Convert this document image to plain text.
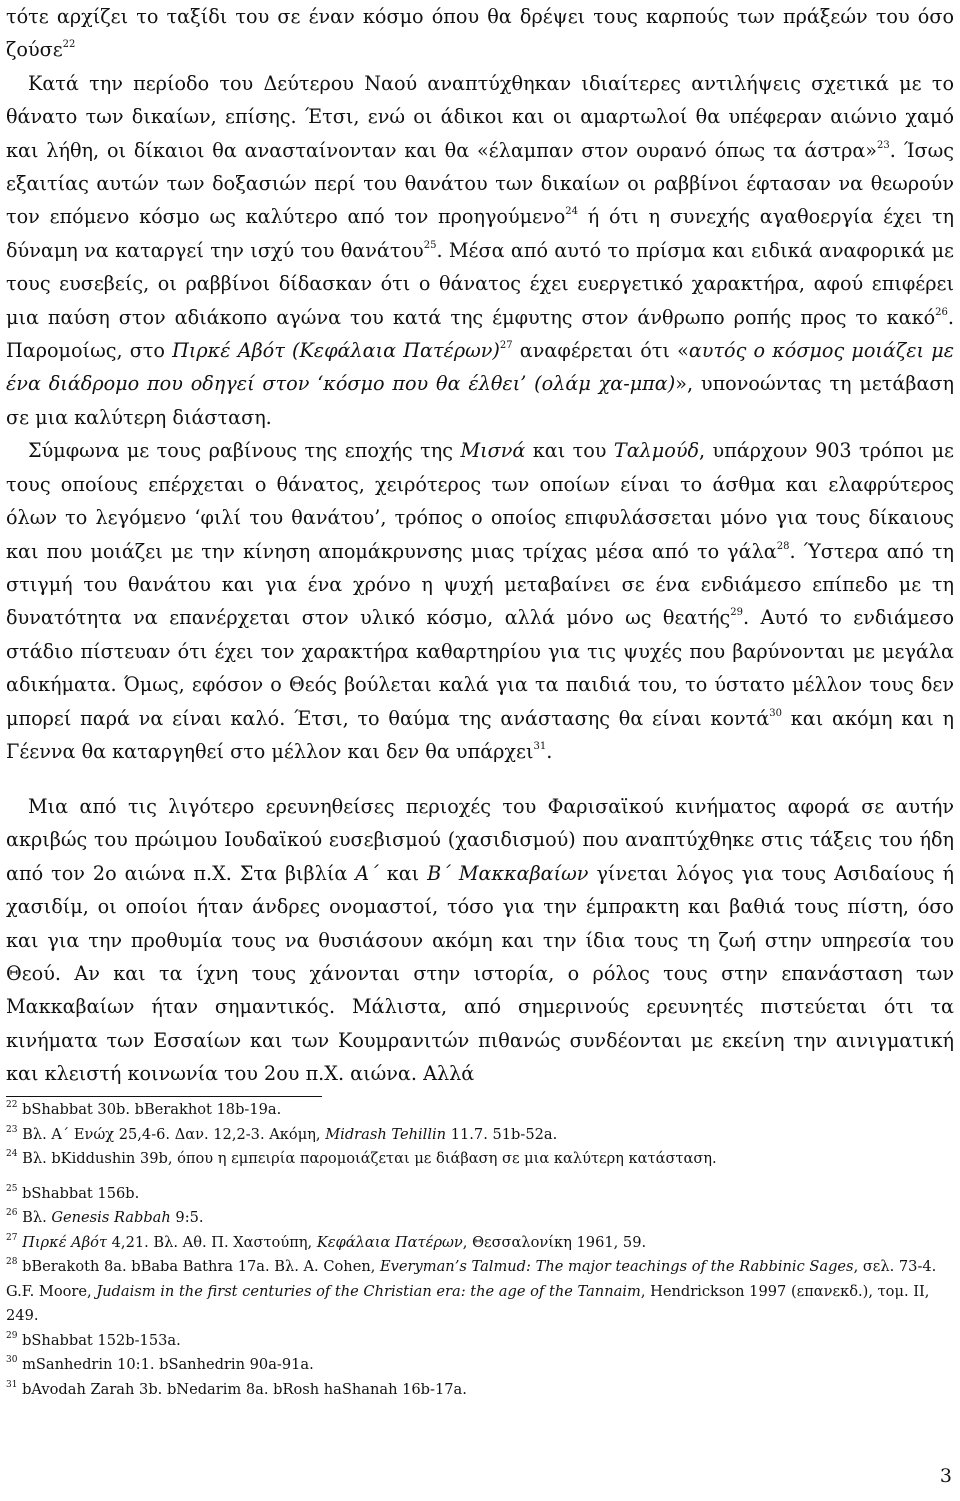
τότε αρχίζει το ταξίδι του σε έναν κόσμο όπου θα δρέψει τους καρπούς των πράξεών του όσο ζούσε$^{22}$

Κατά την περίοδο του Δεύτερου Ναού αναπτύχθηκαν ιδιαίτερες αντιλήψεις σχετικά με το θάνατο των δικαίων, επίσης. Έτσι, ενώ οι άδικοι και οι αμαρτωλοί θα υπέφεραν αιώνιο χαμό και λήθη, οι δίκαιοι θα ανασταίνονταν και θα «έλαμπαν στον ουρανό όπως τα άστρα»$^{23}$. Ίσως εξαιτίας αυτών των δοξασιών περί του θανάτου των δικαίων οι ραββίνοι έφτασαν να θεωρούν τον επόμενο κόσμο ως καλύτερο από τον προηγούμενο$^{24}$ ή ότι η συνεχής αγαθοεργία έχει τη δύναμη να καταργεί την ισχύ του θανάτου$^{25}$. Μέσα από αυτό το πρίσμα και ειδικά αναφορικά με τους ευσεβείς, οι ραββίνοι δίδασκαν ότι ο θάνατος έχει ευεργετικό χαρακτήρα, αφού επιφέρει μια παύση στον αδιάκοπο αγώνα του κατά της έμφυτης στον άνθρωπο ροπής προς το κακό$^{26}$. Παρομοίως, στο Πιρκέ Αβότ (Κεφάλαια Πατέρων)$^{27}$ αναφέρεται ότι «αυτός ο κόσμος μοιάζει με ένα διάδρομο που οδηγεί στον ‘κόσμο που θα έλθει’ (ολάμ χα-μπα)», υπονοώντας τη μετάβαση σε μια καλύτερη διάσταση.

Σύμφωνα με τους ραβίνους της εποχής της Μισνά και του Ταλμούδ, υπάρχουν 903 τρόποι με τους οποίους επέρχεται ο θάνατος, χειρότερος των οποίων είναι το άσθμα και ελαφρύτερος όλων το λεγόμενο ‘φιλί του θανάτου’, τρόπος ο οποίος επιφυλάσσεται μόνο για τους δίκαιους και που μοιάζει με την κίνηση απομάκρυνσης μιας τρίχας μέσα από το γάλα$^{28}$. Ύστερα από τη στιγμή του θανάτου και για ένα χρόνο η ψυχή μεταβαίνει σε ένα ενδιάμεσο επίπεδο με τη δυνατότητα να επανέρχεται στον υλικό κόσμο, αλλά μόνο ως θεατής$^{29}$. Αυτό το ενδιάμεσο στάδιο πίστευαν ότι έχει τον χαρακτήρα καθαρτηρίου για τις ψυχές που βαρύνονται με μεγάλα αδικήματα. Όμως, εφόσον ο Θεός βούλεται καλά για τα παιδιά του, το ύστατο μέλλον τους δεν μπορεί παρά να είναι καλό. Έτσι, το θαύμα της ανάστασης θα είναι κοντά$^{30}$ και ακόμη και η Γέεννα θα καταργηθεί στο μέλλον και δεν θα υπάρχει$^{31}$.

Μια από τις λιγότερο ερευνηθείσες περιοχές του Φαρισαϊκού κινήματος αφορά σε αυτήν ακριβώς του πρώιμου Ιουδαϊκού ευσεβισμού (χασιδισμού) που αναπτύχθηκε στις τάξεις του ήδη από τον 2ο αιώνα π.Χ. Στα βιβλία Α΄ και Β΄ Μακκαβαίων γίνεται λόγος για τους Ασιδαίους ή χασιδίμ, οι οποίοι ήταν άνδρες ονομαστοί, τόσο για την έμπρακτη και βαθιά τους πίστη, όσο και για την προθυμία τους να θυσιάσουν ακόμη και την ίδια τους τη ζωή στην υπηρεσία του Θεού. Αν και τα ίχνη τους χάνονται στην ιστορία, ο ρόλος τους στην επανάσταση των Μακκαβαίων ήταν σημαντικός. Μάλιστα, από σημερινούς ερευνητές πιστεύεται ότι τα κινήματα των Εσσαίων και των Κουμρανιτών πιθανώς συνδέονται με εκείνη την αινιγματική και κλειστή κοινωνία του 2ου π.Χ. αιώνα. Αλλά

$^{22}$ bShabbat 30b. bBerakhot 18b-19a.

$^{23}$ Βλ. Α΄ Ενώχ 25,4-6. Δαν. 12,2-3. Ακόμη, Midrash Tehillin 11.7. 51b-52a.

$^{24}$ Βλ. bKiddushin 39b, όπου η εμπειρία παρομοιάζεται με διάβαση σε μια καλύτερη κατάσταση.

$^{25}$ bShabbat 156b.

$^{26}$ Βλ. Genesis Rabbah 9:5.

$^{27}$ Πιρκέ Αβότ 4,21. Βλ. Αθ. Π. Χαστούπη, Κεφάλαια Πατέρων, Θεσσαλονίκη 1961, 59.

$^{28}$ bBerakoth 8a. bBaba Bathra 17a. Βλ. A. Cohen, Everyman’s Talmud: The major teachings of the Rabbinic Sages, σελ. 73-4. G.F. Moore, Judaism in the first centuries of the Christian era: the age of the Tannaim, Hendrickson 1997 (επανεκδ.), τομ. II, 249.

$^{29}$ bShabbat 152b-153a.

$^{30}$ mSanhedrin 10:1. bSanhedrin 90a-91a.

$^{31}$ bAvodah Zarah 3b. bNedarim 8a. bRosh haShanah 16b-17a.

3
